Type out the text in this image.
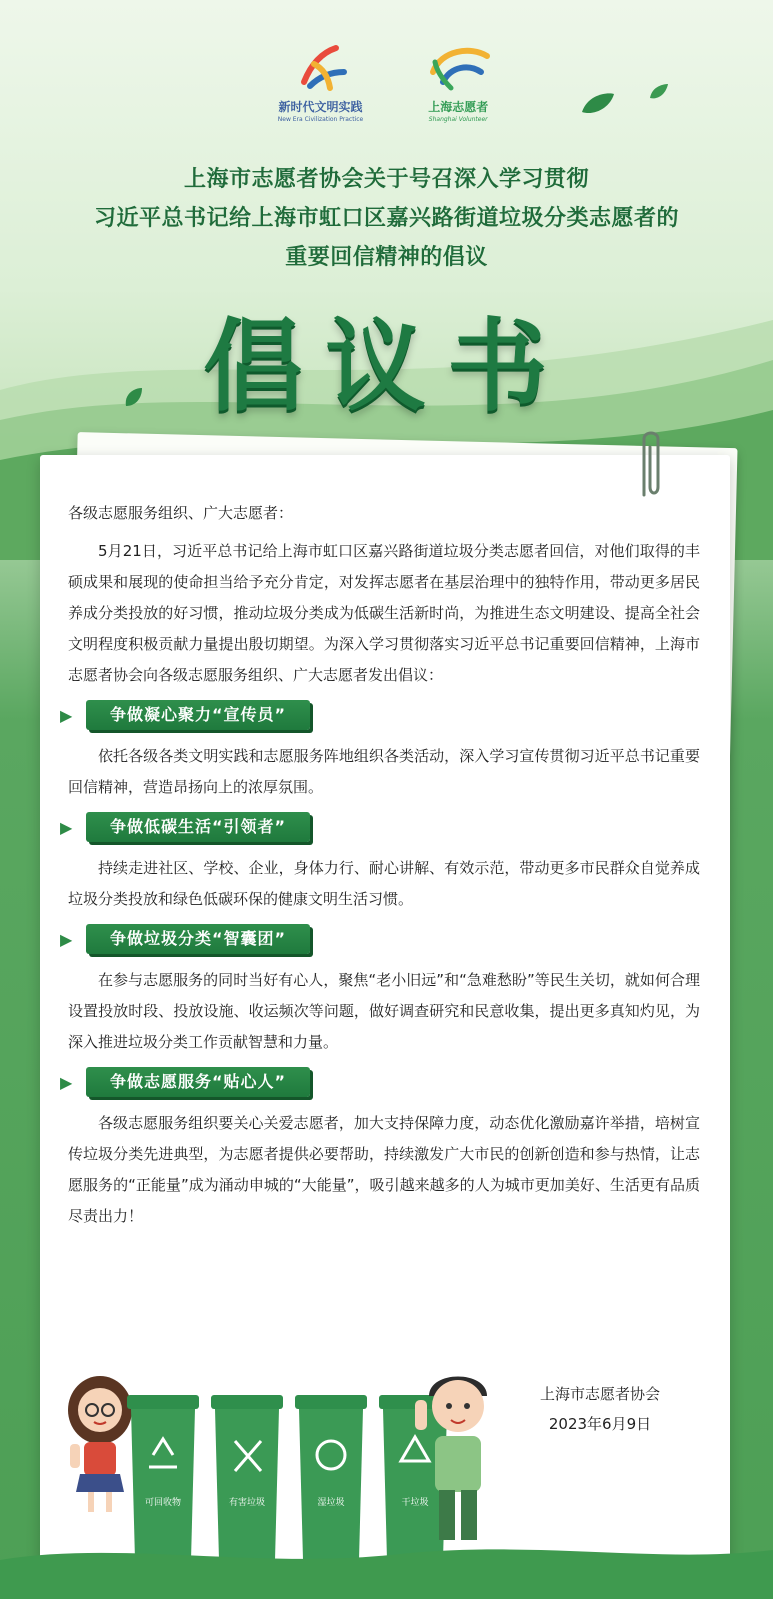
新时代文明实践
New Era Civilization Practice
上海志愿者
Shanghai Volunteer
上海市志愿者协会关于号召深入学习贯彻
习近平总书记给上海市虹口区嘉兴路街道垃圾分类志愿者的
重要回信精神的倡议
倡议书
各级志愿服务组织、广大志愿者：
5月21日，习近平总书记给上海市虹口区嘉兴路街道垃圾分类志愿者回信，对他们取得的丰硕成果和展现的使命担当给予充分肯定，对发挥志愿者在基层治理中的独特作用，带动更多居民养成分类投放的好习惯，推动垃圾分类成为低碳生活新时尚，为推进生态文明建设、提高全社会文明程度积极贡献力量提出殷切期望。为深入学习贯彻落实习近平总书记重要回信精神，上海市志愿者协会向各级志愿服务组织、广大志愿者发出倡议：
▶	争做凝心聚力“宣传员”
依托各级各类文明实践和志愿服务阵地组织各类活动，深入学习宣传贯彻习近平总书记重要回信精神，营造昂扬向上的浓厚氛围。
▶	争做低碳生活“引领者”
持续走进社区、学校、企业，身体力行、耐心讲解、有效示范，带动更多市民群众自觉养成垃圾分类投放和绿色低碳环保的健康文明生活习惯。
▶	争做垃圾分类“智囊团”
在参与志愿服务的同时当好有心人，聚焦“老小旧远”和“急难愁盼”等民生关切，就如何合理设置投放时段、投放设施、收运频次等问题，做好调查研究和民意收集，提出更多真知灼见，为深入推进垃圾分类工作贡献智慧和力量。
▶	争做志愿服务“贴心人”
各级志愿服务组织要关心关爱志愿者，加大支持保障力度，动态优化激励嘉许举措，培树宣传垃圾分类先进典型，为志愿者提供必要帮助，持续激发广大市民的创新创造和参与热情，让志愿服务的“正能量”成为涌动申城的“大能量”，吸引越来越多的人为城市更加美好、生活更有品质尽责出力！
上海市志愿者协会
2023年6月9日
可回收物	有害垃圾	湿垃圾	干垃圾
